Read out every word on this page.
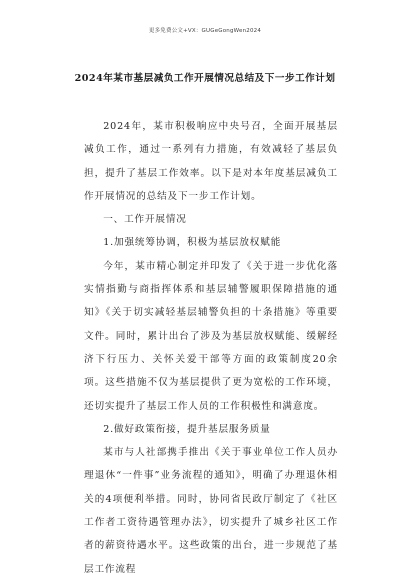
更多免费公文+VX：GUGeGongWen2024
2024年某市基层减负工作开展情况总结及下一步工作计划

2024年，某市积极响应中央号召，全面开展基层减负工作，通过一系列有力措施，有效减轻了基层负担，提升了基层工作效率。以下是对本年度基层减负工作开展情况的总结及下一步工作计划。

一、工作开展情况

1.加强统筹协调，积极为基层放权赋能

今年，某市精心制定并印发了《关于进一步优化落实情指勤与商指挥体系和基层辅警履职保障措施的通知》《关于切实减轻基层辅警负担的十条措施》等重要文件。同时，累计出台了涉及为基层放权赋能、缓解经济下行压力、关怀关爱干部等方面的政策制度20余项。这些措施不仅为基层提供了更为宽松的工作环境，还切实提升了基层工作人员的工作积极性和满意度。

2.做好政策衔接，提升基层服务质量

某市与人社部携手推出《关于事业单位工作人员办理退休“一件事”业务流程的通知》，明确了办理退休相关的4项便利举措。同时，协同省民政厅制定了《社区工作者工资待遇管理办法》，切实提升了城乡社区工作者的薪资待遇水平。这些政策的出台，进一步规范了基层工作流程
